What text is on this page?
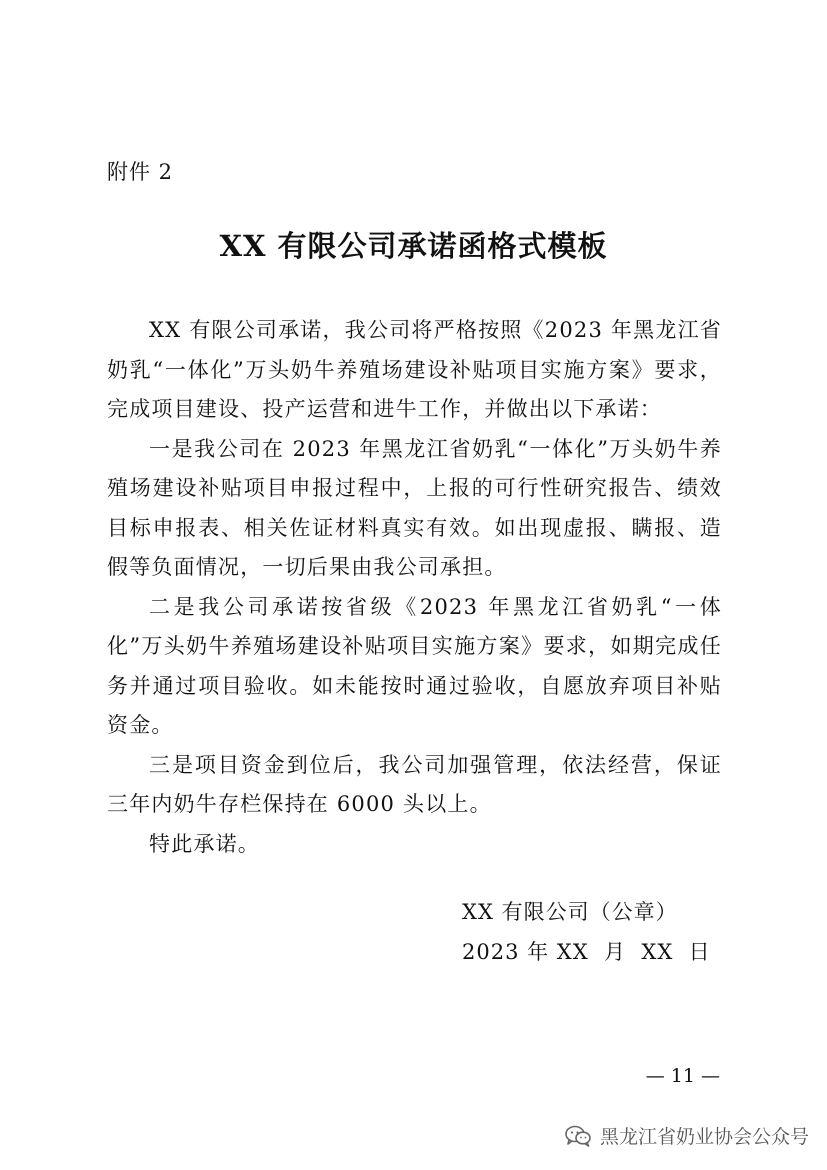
附件 2
XX 有限公司承诺函格式模板

XX 有限公司承诺，我公司将严格按照《2023 年黑龙江省奶乳“一体化”万头奶牛养殖场建设补贴项目实施方案》要求，完成项目建设、投产运营和进牛工作，并做出以下承诺：

一是我公司在 2023 年黑龙江省奶乳“一体化”万头奶牛养殖场建设补贴项目申报过程中，上报的可行性研究报告、绩效目标申报表、相关佐证材料真实有效。如出现虚报、瞒报、造假等负面情况，一切后果由我公司承担。

二是我公司承诺按省级《2023 年黑龙江省奶乳“一体化”万头奶牛养殖场建设补贴项目实施方案》要求，如期完成任务并通过项目验收。如未能按时通过验收，自愿放弃项目补贴资金。

三是项目资金到位后，我公司加强管理，依法经营，保证三年内奶牛存栏保持在 6000 头以上。

特此承诺。

XX 有限公司（公章）
2023 年 XX  月  XX  日
— 11 —
黑龙江省奶业协会公众号
